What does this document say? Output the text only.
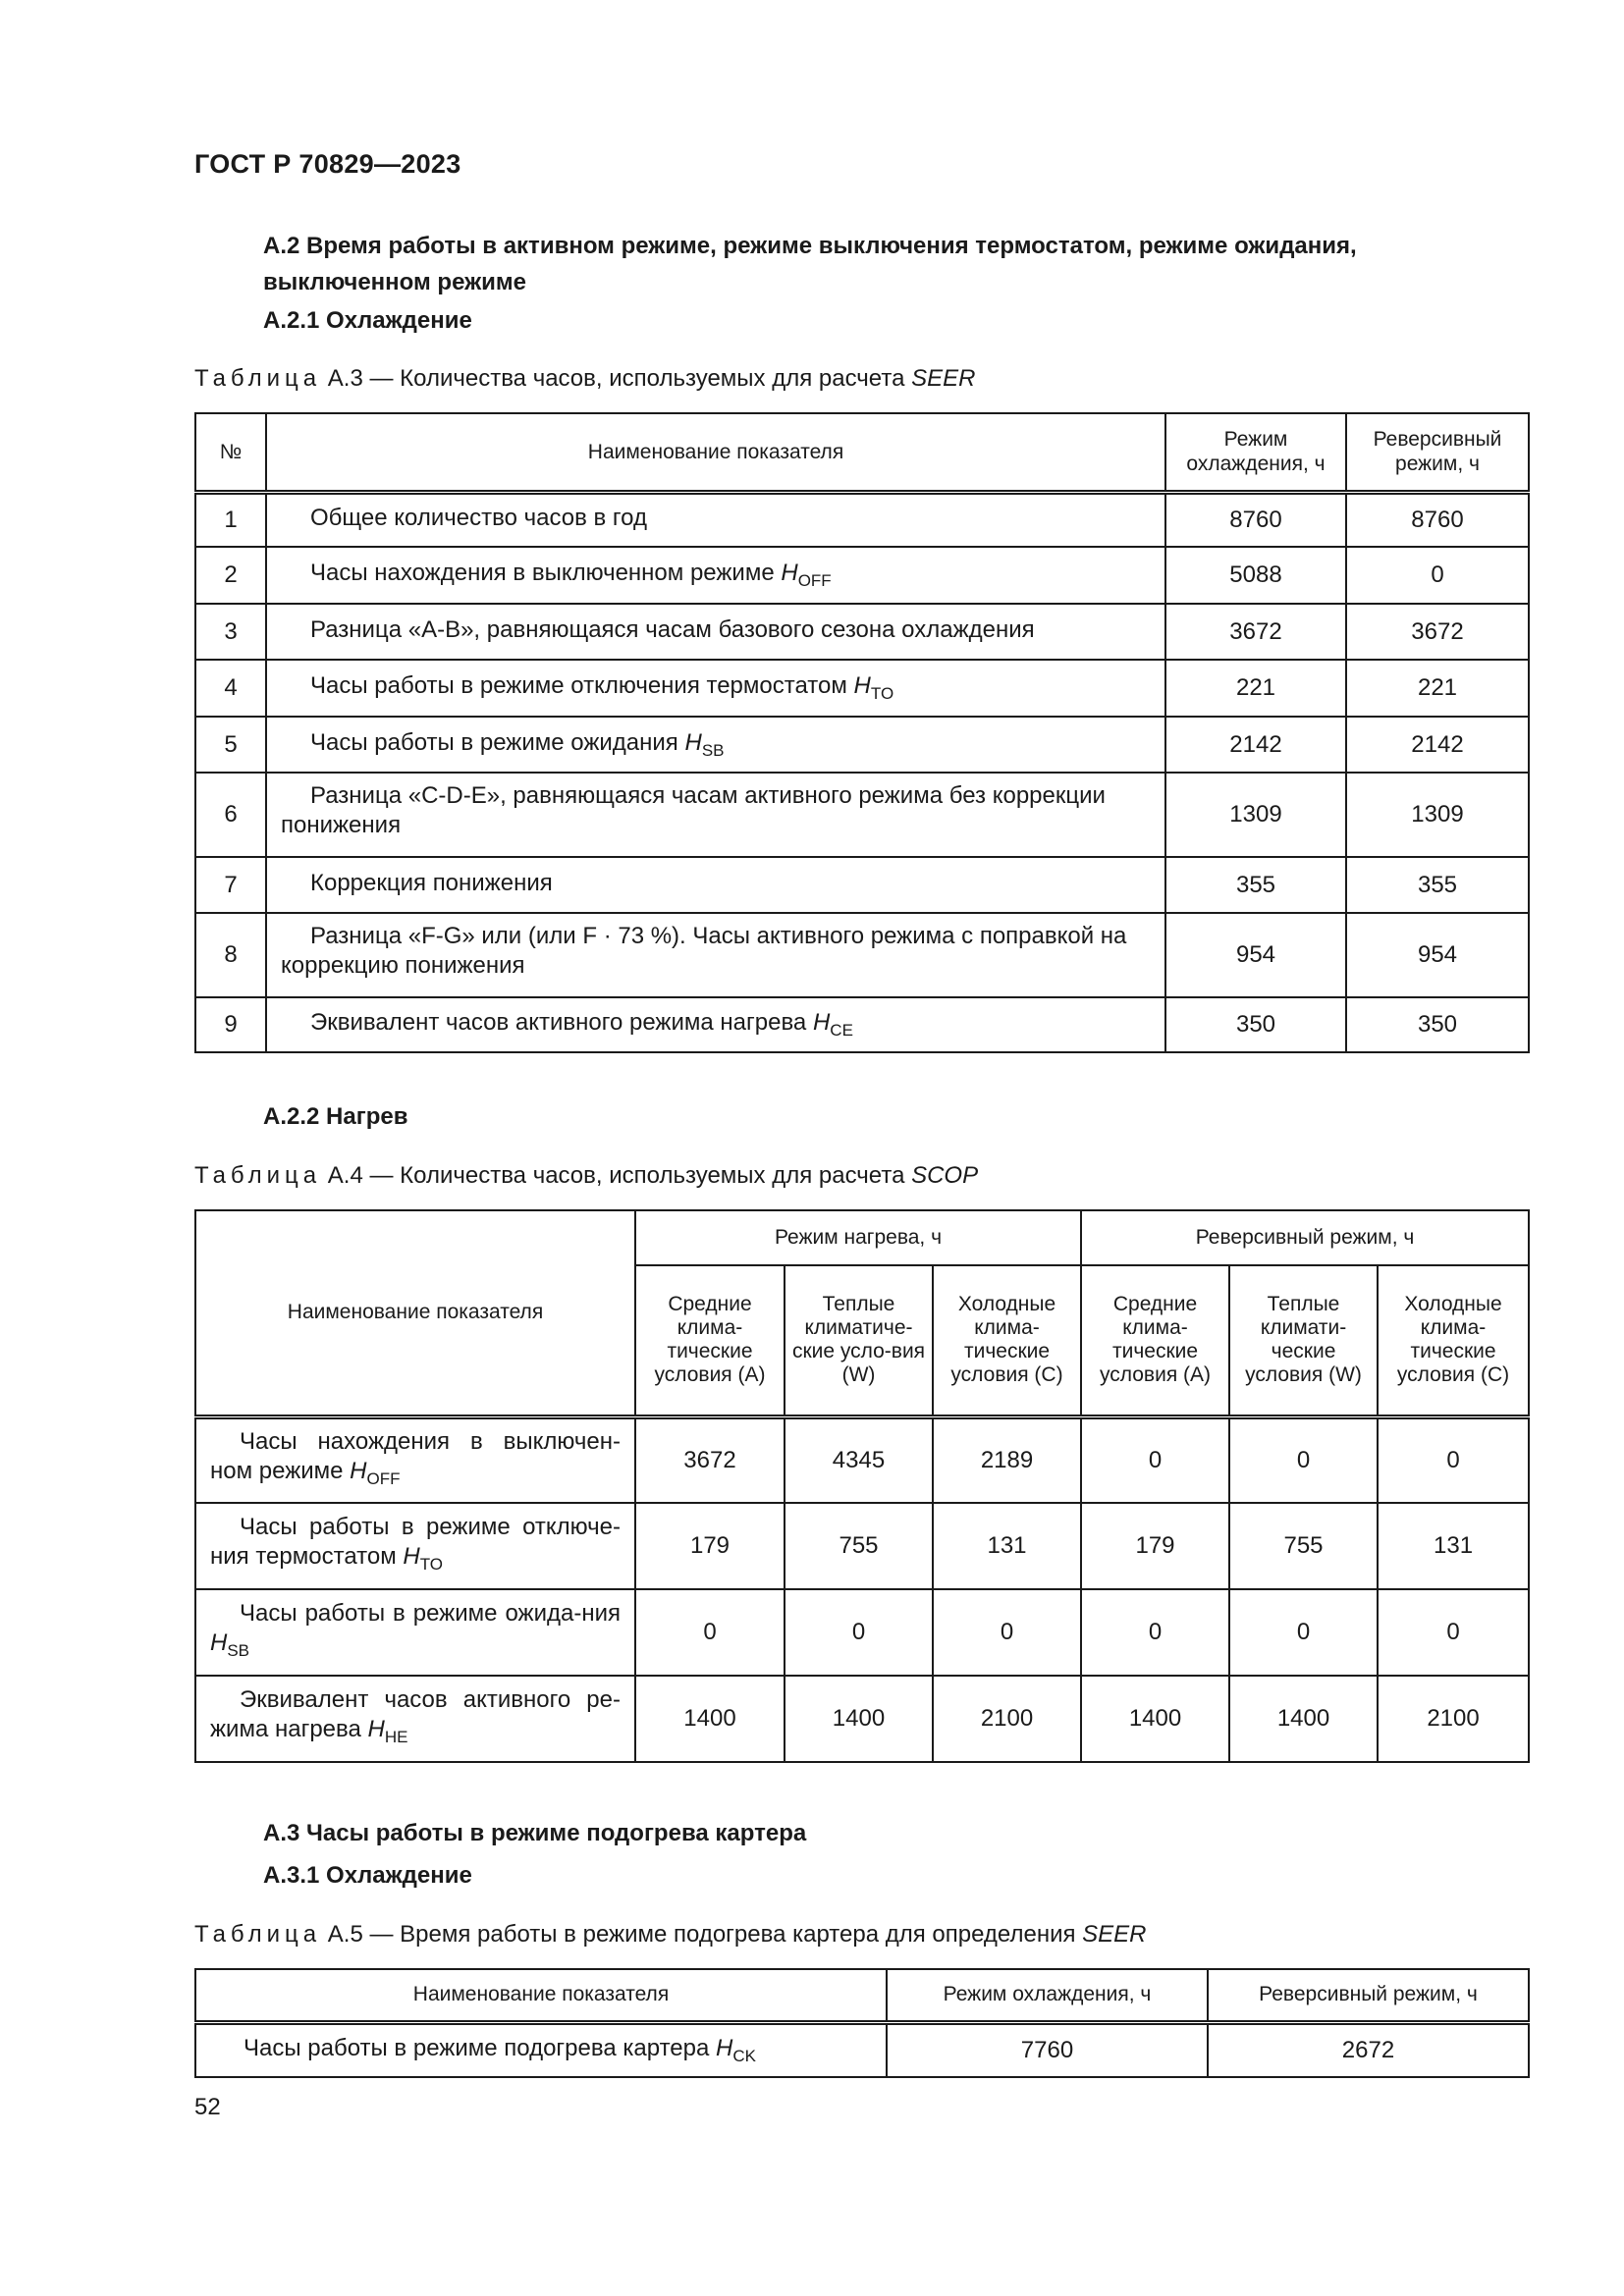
ГОСТ Р 70829—2023
А.2 Время работы в активном режиме, режиме выключения термостатом, режиме ожидания, выключенном режиме
А.2.1 Охлаждение
Таблица А.3 — Количества часов, используемых для расчета SEER
№	Наименование показателя	Режим охлаждения, ч	Реверсивный режим, ч
1	Общее количество часов в год	8760	8760
2	Часы нахождения в выключенном режиме $H_{OFF}$	5088	0
3	Разница «А-В», равняющаяся часам базового сезона охлаждения	3672	3672
4	Часы работы в режиме отключения термостатом $H_{TO}$	221	221
5	Часы работы в режиме ожидания $H_{SB}$	2142	2142
6	Разница «C-D-E», равняющаяся часам активного режима без коррекции понижения	1309	1309
7	Коррекция понижения	355	355
8	Разница «F-G» или (или F · 73 %). Часы активного режима с поправкой на коррекцию понижения	954	954
9	Эквивалент часов активного режима нагрева $H_{CE}$	350	350
А.2.2 Нагрев
Таблица А.4 — Количества часов, используемых для расчета SCOP
Наименование показателя	Режим нагрева, ч			Реверсивный режим, ч		
	Средние клима-тические условия (А)	Теплые климатиче-ские усло-вия (W)	Холодные клима-тические условия (С)	Средние клима-тические условия (А)	Теплые климати-ческие условия (W)	Холодные клима-тические условия (С)
Часы нахождения в выключен-ном режиме $H_{OFF}$	3672	4345	2189	0	0	0
Часы работы в режиме отключе-ния термостатом $H_{TO}$	179	755	131	179	755	131
Часы работы в режиме ожида-ния $H_{SB}$	0	0	0	0	0	0
Эквивалент часов активного ре-жима нагрева $H_{HE}$	1400	1400	2100	1400	1400	2100
А.3 Часы работы в режиме подогрева картера
А.3.1 Охлаждение
Таблица А.5 — Время работы в режиме подогрева картера для определения SEER
Наименование показателя	Режим охлаждения, ч	Реверсивный режим, ч
Часы работы в режиме подогрева картера $H_{CK}$	7760	2672
52
